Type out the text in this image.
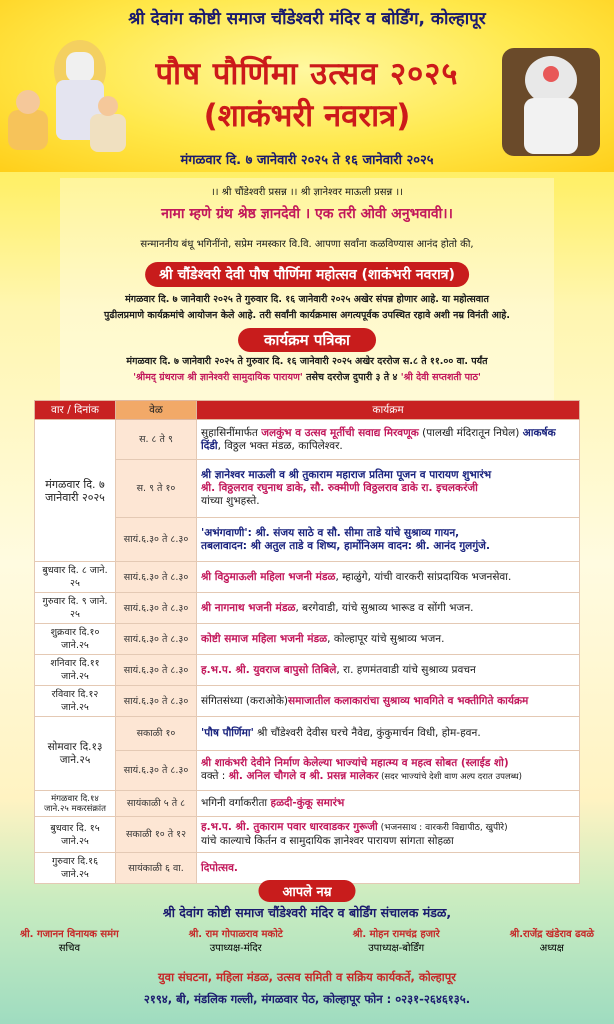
श्री देवांग कोष्टी समाज चौंडेश्वरी मंदिर व बोर्डिंग, कोल्हापूर
पौष पौर्णिमा उत्सव २०२५
(शाकंभरी नवरात्र)
मंगळवार दि. ७ जानेवारी २०२५ ते १६ जानेवारी २०२५
।। श्री चौंडेश्वरी प्रसन्न ।। श्री ज्ञानेश्वर माऊली प्रसन्न ।।
नामा म्हणे ग्रंथ श्रेष्ठ ज्ञानदेवी । एक तरी ओवी अनुभवावी।।
सन्माननीय बंधू भगिनींनो, सप्रेम नमस्कार वि.वि. आपणा सर्वांना कळविण्यास आनंद होतो की,
श्री चौंडेश्वरी देवी पौष पौर्णिमा महोत्सव (शाकंभरी नवरात्र)
मंगळवार दि. ७ जानेवारी २०२५ ते गुरुवार दि. १६ जानेवारी २०२५ अखेर संपन्न होणार आहे. या महोत्सवात
पुढीलप्रमाणे कार्यक्रमांचे आयोजन केले आहे. तरी सर्वांनी कार्यक्रमास अगत्यपूर्वक उपस्थित रहावे अशी नम्र विनंती आहे.
कार्यक्रम पत्रिका
मंगळवार दि. ७ जानेवारी २०२५ ते गुरुवार दि. १६ जानेवारी २०२५ अखेर दररोज स.८ ते ११.०० वा. पर्यंत
'श्रीमद् ग्रंथराज श्री ज्ञानेश्वरी सामुदायिक पारायण' तसेच दररोज दुपारी ३ ते ४ 'श्री देवी सप्तशती पाठ'
वार / दिनांक	वेळ	कार्यक्रम
मंगळवार दि. ७ जानेवारी २०२५	स. ८ ते ९	सुहासिनींमार्फत जलकुंभ व उत्सव मूर्तीची सवाद्य मिरवणूक (पालखी मंदिरातून निघेल) आकर्षक दिंडी, विठ्ठल भक्त मंडळ, कापिलेश्वर.
	स. ९ ते १०	श्री ज्ञानेश्वर माऊली व श्री तुकाराम महाराज प्रतिमा पूजन व पारायण शुभारंभ
श्री. विठ्ठलराव रघुनाथ डाके, सौ. रुक्मीणी विठ्ठलराव डाके रा. इचलकरंजी
यांच्या शुभहस्ते.

	सायं.६.३० ते ८.३०	'अभंगवाणी': श्री. संजय साठे व सौ. सीमा ताडे यांचे सुश्राव्य गायन,
तबलावादन: श्री अतुल ताडे व शिष्य, हार्मोनिअम वादन: श्री. आनंद गुलगुंजे.

बुधवार दि. ८ जाने. २५	सायं.६.३० ते ८.३०	श्री विठुमाऊली महिला भजनी मंडळ, म्हाळुंगे, यांची वारकरी सांप्रदायिक भजनसेवा.
गुरुवार दि. ९ जाने. २५	सायं.६.३० ते ८.३०	श्री नागनाथ भजनी मंडळ, बरगेवाडी, यांचे सुश्राव्य भारूड व सोंगी भजन.
शुक्रवार दि.१० जाने.२५	सायं.६.३० ते ८.३०	कोष्टी समाज महिला भजनी मंडळ, कोल्हापूर यांचे सुश्राव्य भजन.
शनिवार दि.११ जाने.२५	सायं.६.३० ते ८.३०	ह.भ.प. श्री. युवराज बापुसो तिबिले, रा. हणमंतवाडी यांचे सुश्राव्य प्रवचन
रविवार दि.१२ जाने.२५	सायं.६.३० ते ८.३०	संगितसंध्या (कराओके)समाजातील कलाकारांचा सुश्राव्य भावगिते व भक्तीगिते कार्यक्रम
सोमवार दि.१३ जाने.२५	सकाळी १०	'पौष पौर्णिमा' श्री चौंडेश्वरी देवीस घरचे नैवेद्य, कुंकुमार्चन विधी, होम-हवन.
	सायं.६.३० ते ८.३०	श्री शाकंभरी देवीने निर्माण केलेल्या भाज्यांचे महात्म्य व महत्व सोबत (स्लाईड शो)
वक्ते : श्री. अनिल चौगले व श्री. प्रसन्न मालेकर (सदर भाज्यांचे देशी वाण अल्प दरात उपलब्ध)

मंगळवार दि.१४ जाने.२५ मकरसंक्रांत	सायंकाळी ५ ते ८	भगिनी वर्गाकरीता हळदी-कुंकू समारंभ
बुधवार दि. १५ जाने.२५	सकाळी १० ते १२	ह.भ.प. श्री. तुकाराम पवार धारवाडकर गुरूजी (भजनसाथ : वारकरी विद्यापीठ, खुपीरे)
यांचे काल्याचे किर्तन व सामुदायिक ज्ञानेश्वर पारायण सांगता सोहळा

गुरुवार दि.१६ जाने.२५	सायंकाळी ६ वा.	दिपोत्सव.
आपले नम्र
श्री देवांग कोष्टी समाज चौंडेश्वरी मंदिर व बोर्डिंग संचालक मंडळ,
श्री. गजानन विनायक समंग
सचिव
श्री. राम गोपाळराव मकोटे
उपाध्यक्ष-मंदिर
श्री. मोहन रामचंद्र हजारे
उपाध्यक्ष-बोर्डिंग
श्री.राजेंद्र खंडेराव ढवळे
अध्यक्ष
युवा संघटना, महिला मंडळ, उत्सव समिती व सक्रिय कार्यकर्ते, कोल्हापूर
२१९४, बी, मंडलिक गल्ली, मंगळवार पेठ, कोल्हापूर फोन : ०२३१-२६४६१३५.
